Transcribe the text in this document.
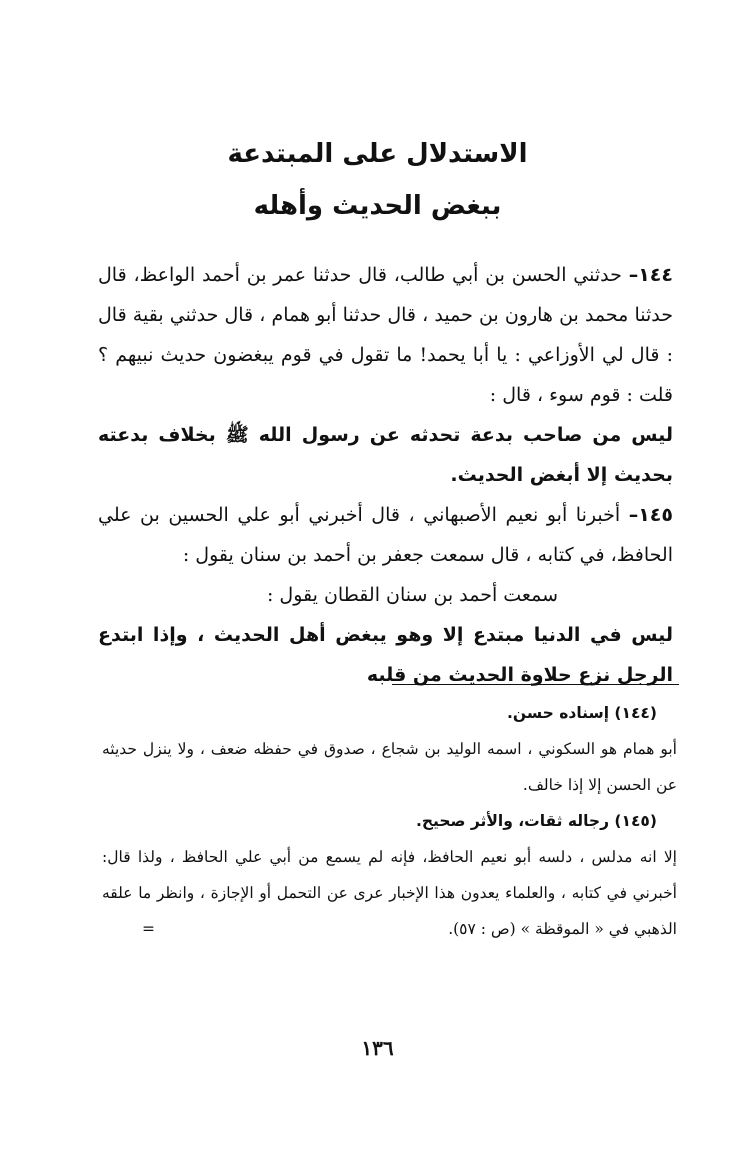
الاستدلال على المبتدعة
ببغض الحديث وأهله

١٤٤– حدثني الحسن بن أبي طالب، قال حدثنا عمر بن أحمد الواعظ، قال حدثنا محمد بن هارون بن حميد ، قال حدثنا أبو همام ، قال حدثني بقية قال : قال لي الأوزاعي : يا أبا يحمد! ما تقول في قوم يبغضون حديث نبيهم ؟ قلت : قوم سوء ، قال :

ليس من صاحب بدعة تحدثه عن رسول الله ﷺ بخلاف بدعته بحديث إلا أبغض الحديث.

١٤٥– أخبرنا أبو نعيم الأصبهاني ، قال أخبرني أبو علي الحسين بن علي الحافظ، في كتابه ، قال سمعت جعفر بن أحمد بن سنان يقول :

سمعت أحمد بن سنان القطان يقول :

ليس في الدنيا مبتدع إلا وهو يبغض أهل الحديث ، وإذا ابتدع الرجل نزع حلاوة الحديث من قلبه

(١٤٤) إسناده حسن.

أبو همام هو السكوني ، اسمه الوليد بن شجاع ، صدوق في حفظه ضعف ، ولا ينزل حديثه عن الحسن إلا إذا خالف.

(١٤٥) رجاله ثقات، والأثر صحيح.

إلا انه مدلس ، دلسه أبو نعيم الحافظ، فإنه لم يسمع من أبي علي الحافظ ، ولذا قال: أخبرني في كتابه ، والعلماء يعدون هذا الإخبار عرى عن التحمل أو الإجازة ، وانظر ما علقه الذهبي في « الموقظة » (ص : ٥٧).
=

١٣٦
